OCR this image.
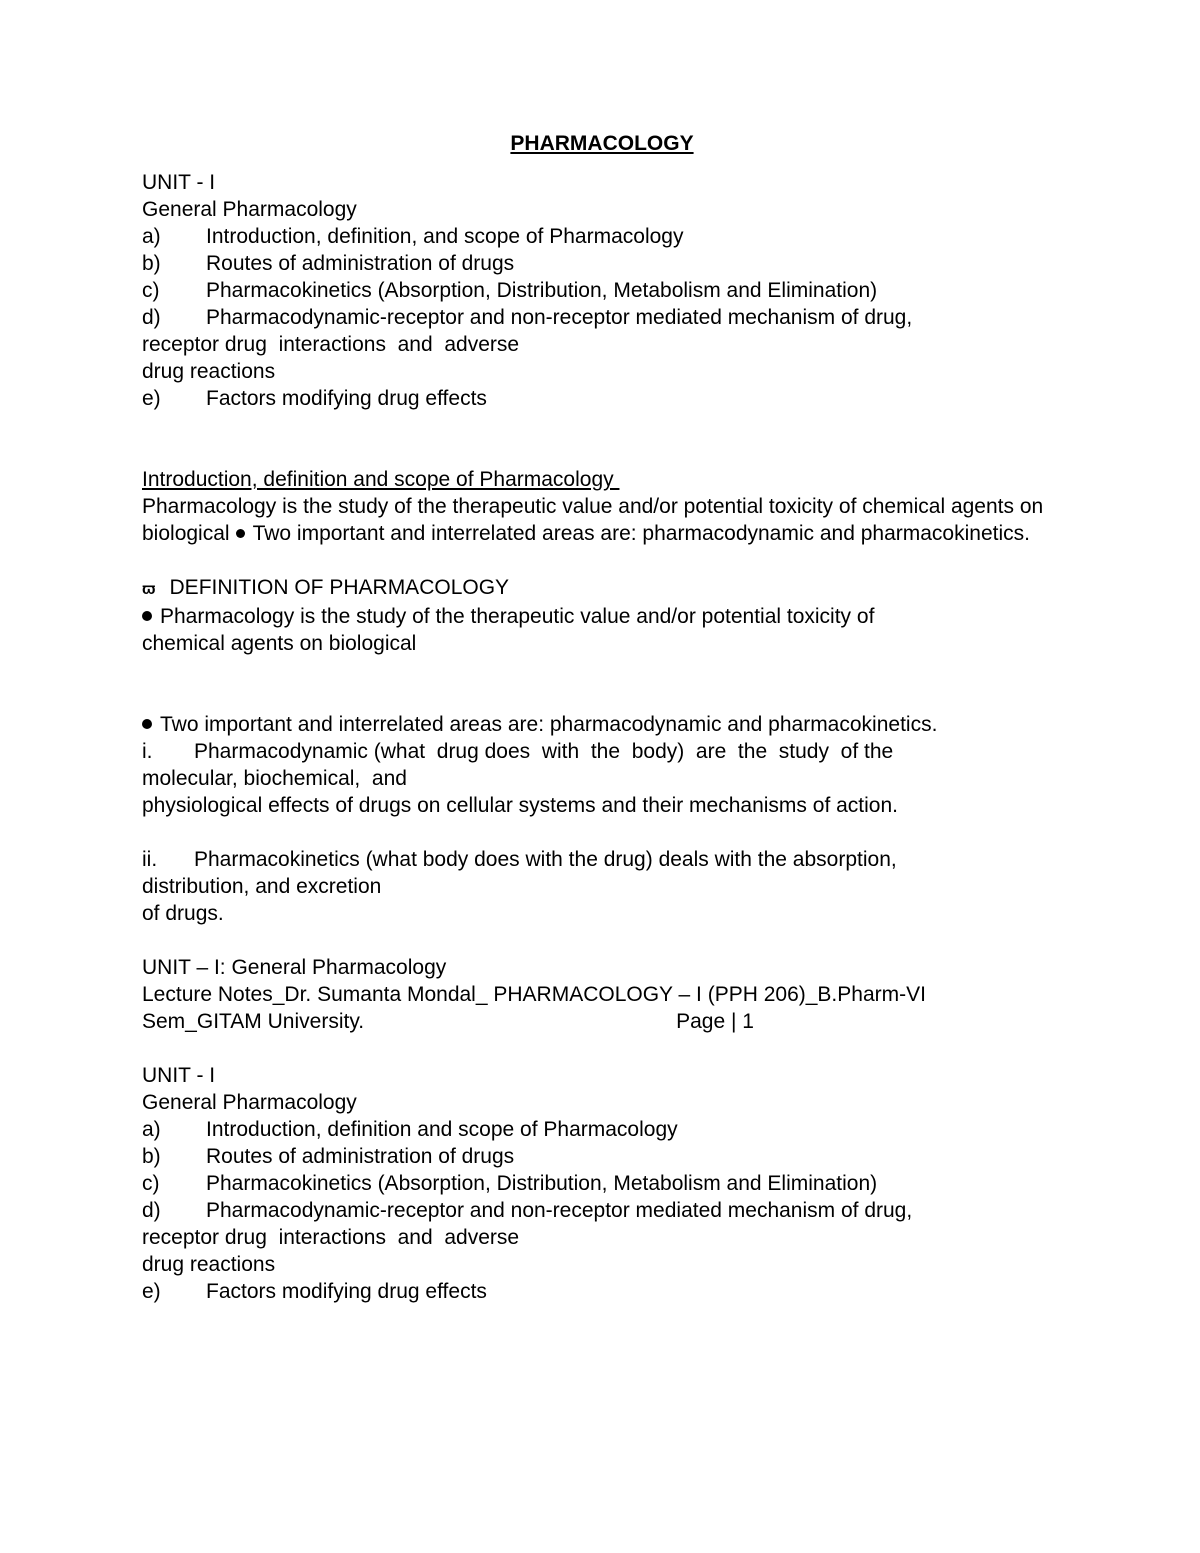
PHARMACOLOGY
UNIT - I
General Pharmacology
a)	Introduction, definition, and scope of Pharmacology
b)	Routes of administration of drugs
c)	Pharmacokinetics (Absorption, Distribution, Metabolism and Elimination)
d)	Pharmacodynamic-receptor and non-receptor mediated mechanism of drug,
receptor drug  interactions  and  adverse
drug reactions
e)	Factors modifying drug effects
Introduction, definition and scope of Pharmacology
Pharmacology is the study of the therapeutic value and/or potential toxicity of chemical agents on biological Two important and interrelated areas are: pharmacodynamic and pharmacokinetics.
ϖ DEFINITION OF PHARMACOLOGY
Pharmacology is the study of the therapeutic value and/or potential toxicity of
chemical agents on biological
Two important and interrelated areas are: pharmacodynamic and pharmacokinetics.
i.	Pharmacodynamic (what  drug does  with  the  body)  are  the  study  of the
molecular, biochemical,  and
physiological effects of drugs on cellular systems and their mechanisms of action.
ii.	Pharmacokinetics (what body does with the drug) deals with the absorption,
distribution, and excretion
of drugs.
UNIT – I: General Pharmacology
Lecture Notes_Dr. Sumanta Mondal_ PHARMACOLOGY – I (PPH 206)_B.Pharm-VI
Sem_GITAM University.	Page | 1
UNIT - I
General Pharmacology
a)	Introduction, definition and scope of Pharmacology
b)	Routes of administration of drugs
c)	Pharmacokinetics (Absorption, Distribution, Metabolism and Elimination)
d)	Pharmacodynamic-receptor and non-receptor mediated mechanism of drug,
receptor drug  interactions  and  adverse
drug reactions
e)	Factors modifying drug effects
